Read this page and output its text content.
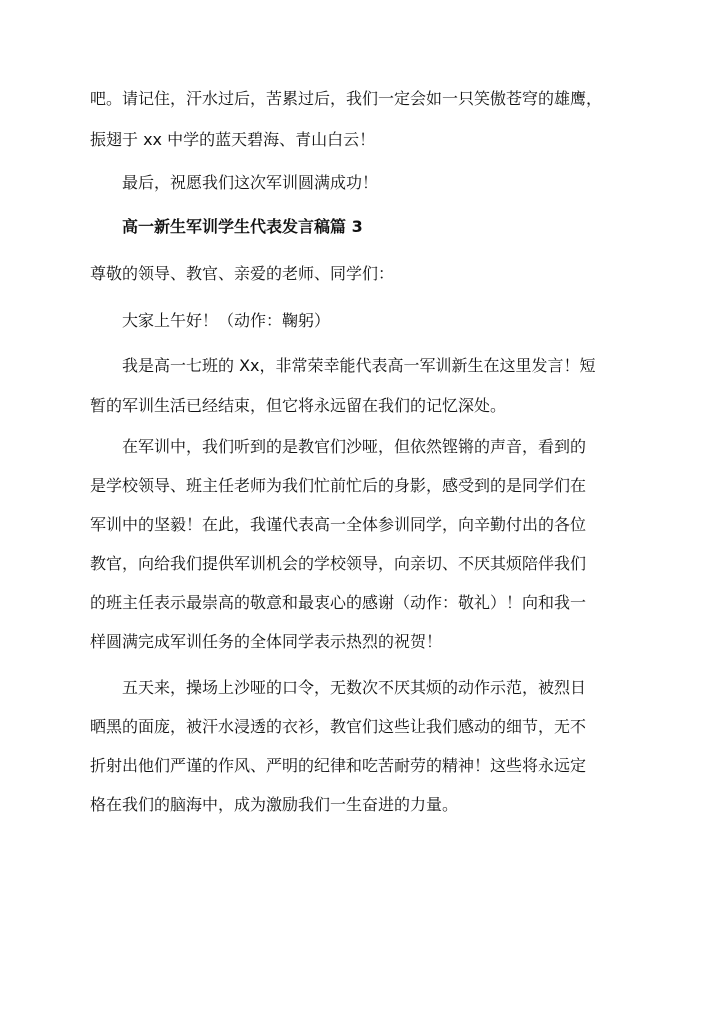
吧。请记住，汗水过后，苦累过后，我们一定会如一只笑傲苍穹的雄鹰，
振翅于 xx 中学的蓝天碧海、青山白云！
最后，祝愿我们这次军训圆满成功！
高一新生军训学生代表发言稿篇 3
尊敬的领导、教官、亲爱的老师、同学们：
大家上午好！（动作：鞠躬）
我是高一七班的 Xx，非常荣幸能代表高一军训新生在这里发言！短
暂的军训生活已经结束，但它将永远留在我们的记忆深处。
在军训中，我们听到的是教官们沙哑，但依然铿锵的声音，看到的
是学校领导、班主任老师为我们忙前忙后的身影，感受到的是同学们在
军训中的坚毅！在此，我谨代表高一全体参训同学，向辛勤付出的各位
教官，向给我们提供军训机会的学校领导，向亲切、不厌其烦陪伴我们
的班主任表示最崇高的敬意和最衷心的感谢（动作：敬礼）！向和我一
样圆满完成军训任务的全体同学表示热烈的祝贺！
五天来，操场上沙哑的口令，无数次不厌其烦的动作示范，被烈日
晒黑的面庞，被汗水浸透的衣衫，教官们这些让我们感动的细节，无不
折射出他们严谨的作风、严明的纪律和吃苦耐劳的精神！这些将永远定
格在我们的脑海中，成为激励我们一生奋进的力量。
